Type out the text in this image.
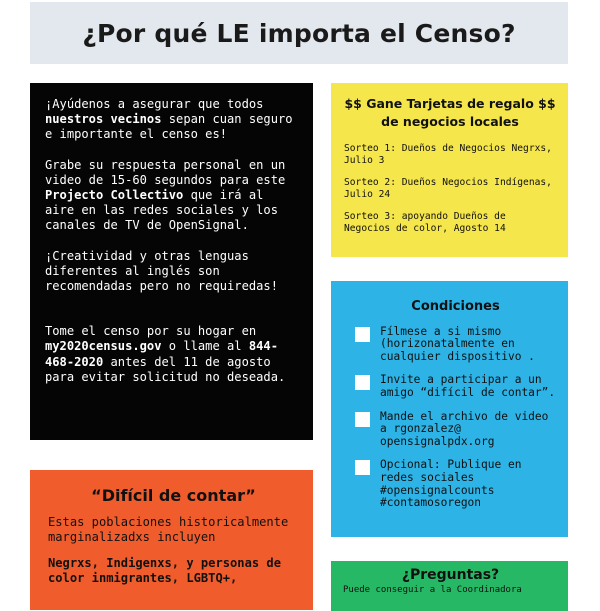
¿Por qué LE importa el Censo?

¡Ayúdenos a asegurar que todos nuestros vecinos sepan cuan seguro e importante el censo es!

Grabe su respuesta personal en un video de 15-60 segundos para este Projecto Collectivo que irá al aire en las redes sociales y los canales de TV de OpenSignal.

¡Creatividad y otras lenguas diferentes al inglés son recomendadas pero no requiredas!

Tome el censo por su hogar en my2020census.gov o llame al 844-468-2020 antes del 11 de agosto para evitar solicitud no deseada.

“Difícil de contar”

Estas poblaciones historicalmente marginalizadxs incluyen

Negrxs, Indigenxs, y personas de color inmigrantes, LGBTQ+,

$$ Gane Tarjetas de regalo $$ de negocios locales

Sorteo 1: Dueños de Negocios Negrxs, Julio 3

Sorteo 2: Dueños Negocios Indígenas, Julio 24

Sorteo 3: apoyando Dueños de Negocios de color, Agosto 14

Condiciones
Fílmese a si mismo (horizonatalmente en cualquier dispositivo .
Invite a participar a un amigo “difícil de contar”.
Mande el archivo de video a rgonzalez@ opensignalpdx.org
Opcional: Publique en redes sociales #opensignalcounts #contamosoregon
¿Preguntas?

Puede conseguir a la Coordinadora
